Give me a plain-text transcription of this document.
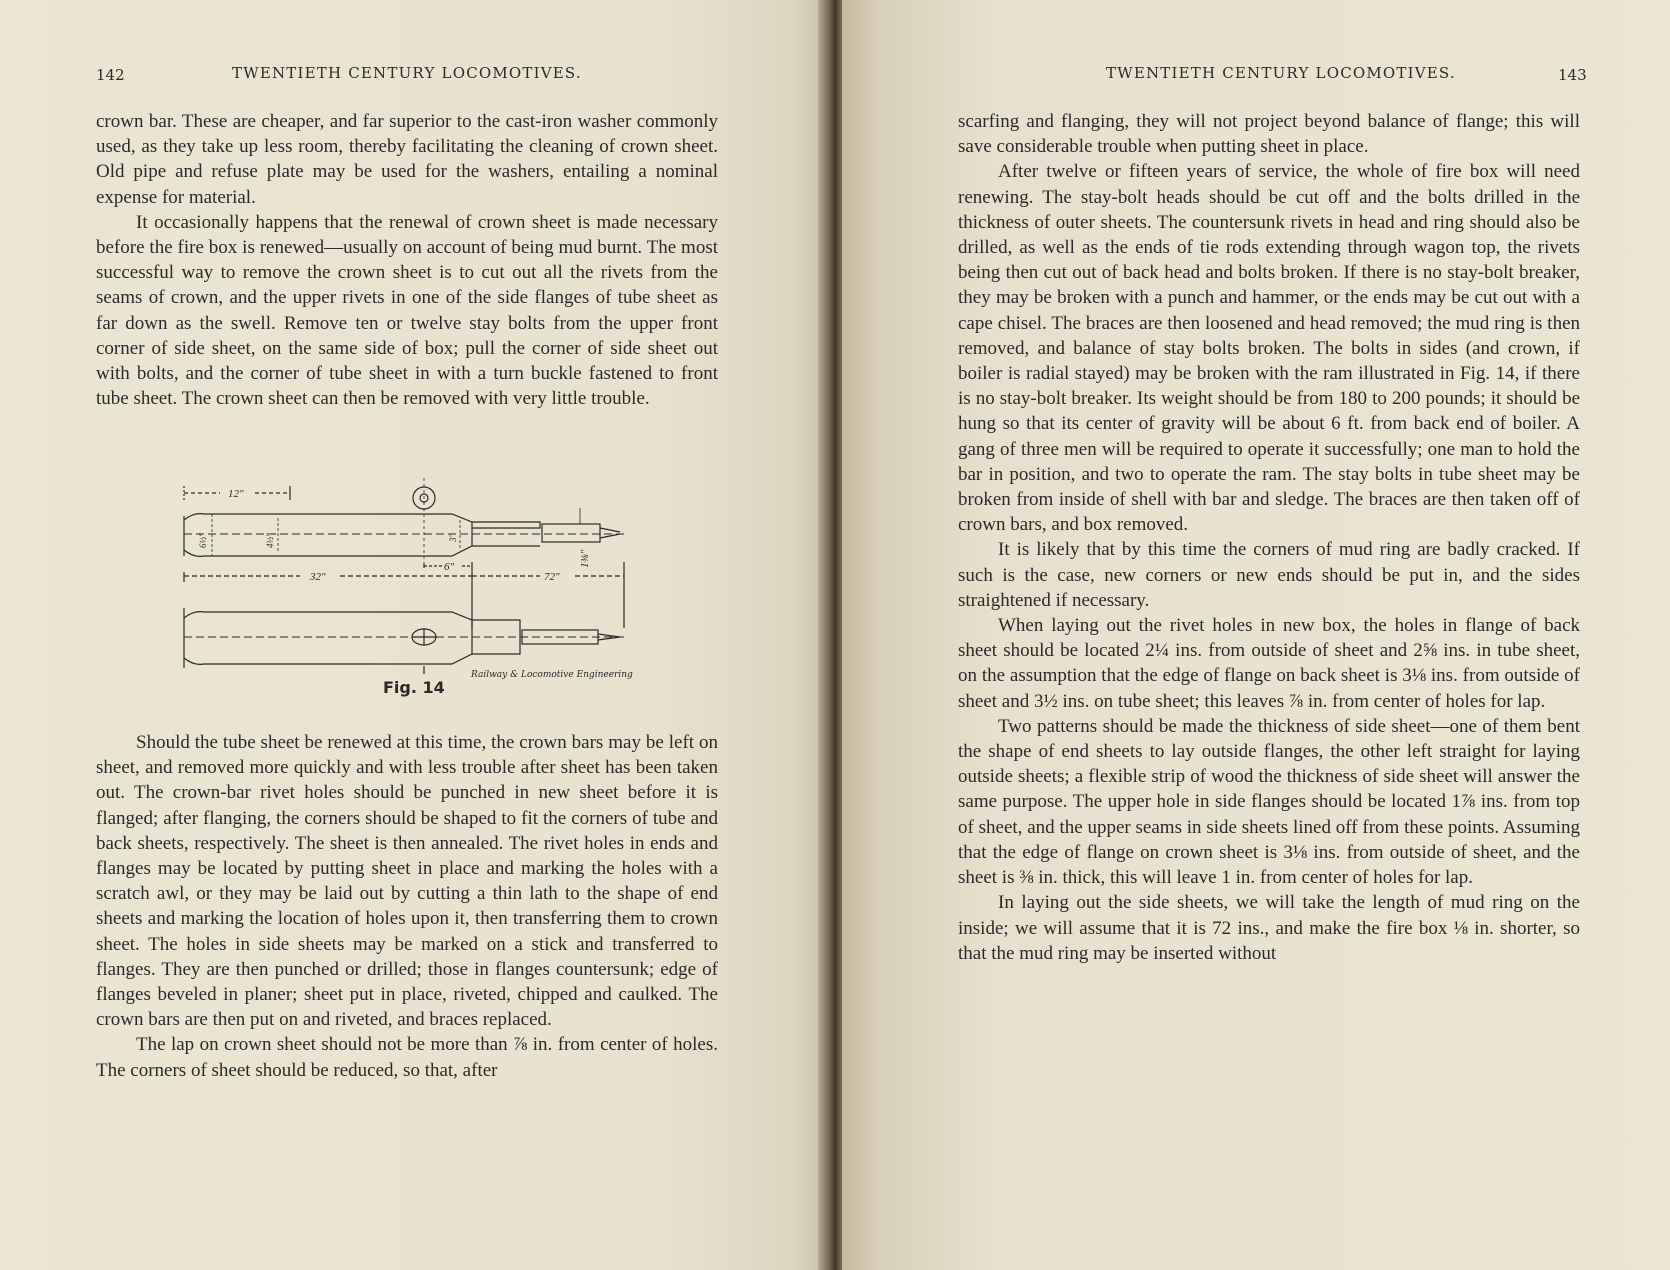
142	TWENTIETH CENTURY LOCOMOTIVES.

crown bar. These are cheaper, and far superior to the cast-iron washer commonly used, as they take up less room, thereby facilitating the cleaning of crown sheet. Old pipe and refuse plate may be used for the washers, entailing a nominal expense for material.

It occasionally happens that the renewal of crown sheet is made necessary before the fire box is renewed—usually on account of being mud burnt. The most successful way to remove the crown sheet is to cut out all the rivets from the seams of crown, and the upper rivets in one of the side flanges of tube sheet as far down as the swell. Remove ten or twelve stay bolts from the upper front corner of side sheet, on the same side of box; pull the corner of side sheet out with bolts, and the corner of tube sheet in with a turn buckle fastened to front tube sheet. The crown sheet can then be removed with very little trouble.

12"
32"
6"
72"
6½"	4½"	3"
1⅜"
Railway & Locomotive Engineering
Fig. 14

Should the tube sheet be renewed at this time, the crown bars may be left on sheet, and removed more quickly and with less trouble after sheet has been taken out. The crown-bar rivet holes should be punched in new sheet before it is flanged; after flanging, the corners should be shaped to fit the corners of tube and back sheets, respectively. The sheet is then annealed. The rivet holes in ends and flanges may be located by putting sheet in place and marking the holes with a scratch awl, or they may be laid out by cutting a thin lath to the shape of end sheets and marking the location of holes upon it, then transferring them to crown sheet. The holes in side sheets may be marked on a stick and transferred to flanges. They are then punched or drilled; those in flanges countersunk; edge of flanges beveled in planer; sheet put in place, riveted, chipped and caulked. The crown bars are then put on and riveted, and braces replaced.

The lap on crown sheet should not be more than ⅞ in. from center of holes. The corners of sheet should be reduced, so that, after

TWENTIETH CENTURY LOCOMOTIVES.	143

scarfing and flanging, they will not project beyond balance of flange; this will save considerable trouble when putting sheet in place.

After twelve or fifteen years of service, the whole of fire box will need renewing. The stay-bolt heads should be cut off and the bolts drilled in the thickness of outer sheets. The countersunk rivets in head and ring should also be drilled, as well as the ends of tie rods extending through wagon top, the rivets being then cut out of back head and bolts broken. If there is no stay-bolt breaker, they may be broken with a punch and hammer, or the ends may be cut out with a cape chisel. The braces are then loosened and head removed; the mud ring is then removed, and balance of stay bolts broken. The bolts in sides (and crown, if boiler is radial stayed) may be broken with the ram illustrated in Fig. 14, if there is no stay-bolt breaker. Its weight should be from 180 to 200 pounds; it should be hung so that its center of gravity will be about 6 ft. from back end of boiler. A gang of three men will be required to operate it successfully; one man to hold the bar in position, and two to operate the ram. The stay bolts in tube sheet may be broken from inside of shell with bar and sledge. The braces are then taken off of crown bars, and box removed.

It is likely that by this time the corners of mud ring are badly cracked. If such is the case, new corners or new ends should be put in, and the sides straightened if necessary.

When laying out the rivet holes in new box, the holes in flange of back sheet should be located 2¼ ins. from outside of sheet and 2⅝ ins. in tube sheet, on the assumption that the edge of flange on back sheet is 3⅛ ins. from outside of sheet and 3½ ins. on tube sheet; this leaves ⅞ in. from center of holes for lap.

Two patterns should be made the thickness of side sheet—one of them bent the shape of end sheets to lay outside flanges, the other left straight for laying outside sheets; a flexible strip of wood the thickness of side sheet will answer the same purpose. The upper hole in side flanges should be located 1⅞ ins. from top of sheet, and the upper seams in side sheets lined off from these points. Assuming that the edge of flange on crown sheet is 3⅛ ins. from outside of sheet, and the sheet is ⅜ in. thick, this will leave 1 in. from center of holes for lap.

In laying out the side sheets, we will take the length of mud ring on the inside; we will assume that it is 72 ins., and make the fire box ⅛ in. shorter, so that the mud ring may be inserted without
